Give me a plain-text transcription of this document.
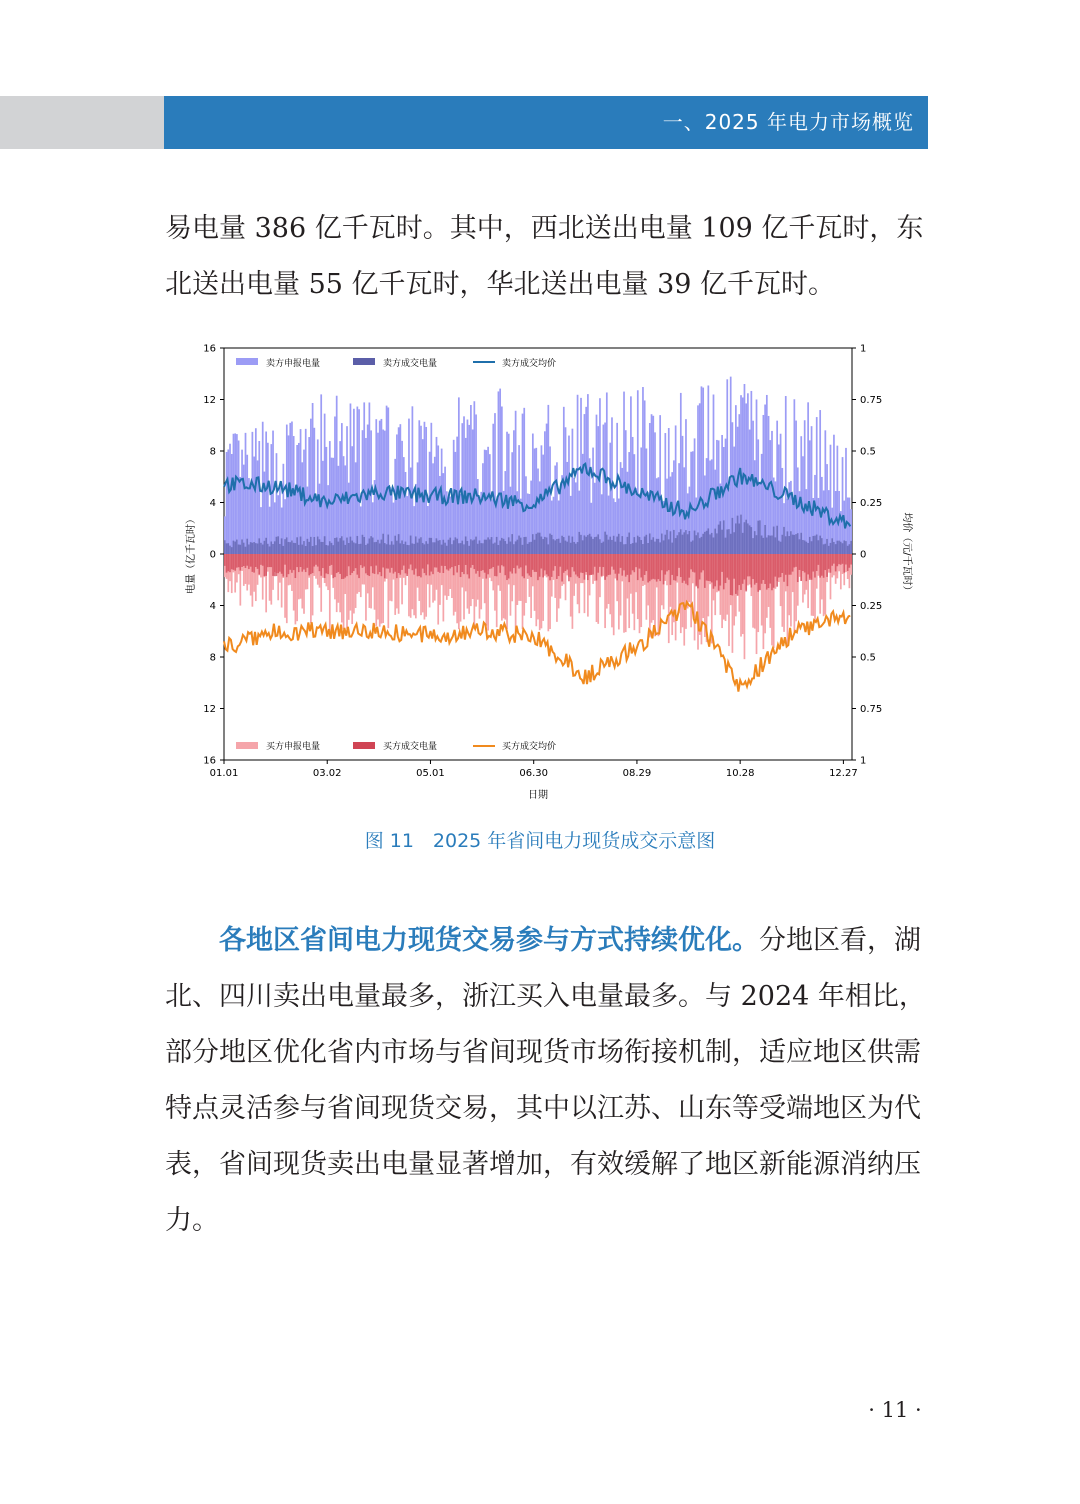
一、2025 年电力市场概览

易电量 386 亿千瓦时。其中，西北送出电量 109 亿千瓦时，东北送出电量 55 亿千瓦时，华北送出电量 39 亿千瓦时。

16
12
8
4
0
4
8
12
16
1
0.75
0.5
0.25
0
0.25
0.5
0.75
1
01.01	03.02	05.01	06.30	08.29	10.28	12.27
卖方申报电量	卖方成交电量	卖方成交均价
买方申报电量	买方成交电量	买方成交均价
日期
电量（亿千瓦时）	均价（元/千瓦时）
图 11　2025 年省间电力现货成交示意图

各地区省间电力现货交易参与方式持续优化。分地区看，湖北、四川卖出电量最多，浙江买入电量最多。与 2024 年相比，部分地区优化省内市场与省间现货市场衔接机制，适应地区供需特点灵活参与省间现货交易，其中以江苏、山东等受端地区为代表，省间现货卖出电量显著增加，有效缓解了地区新能源消纳压力。

· 11 ·
